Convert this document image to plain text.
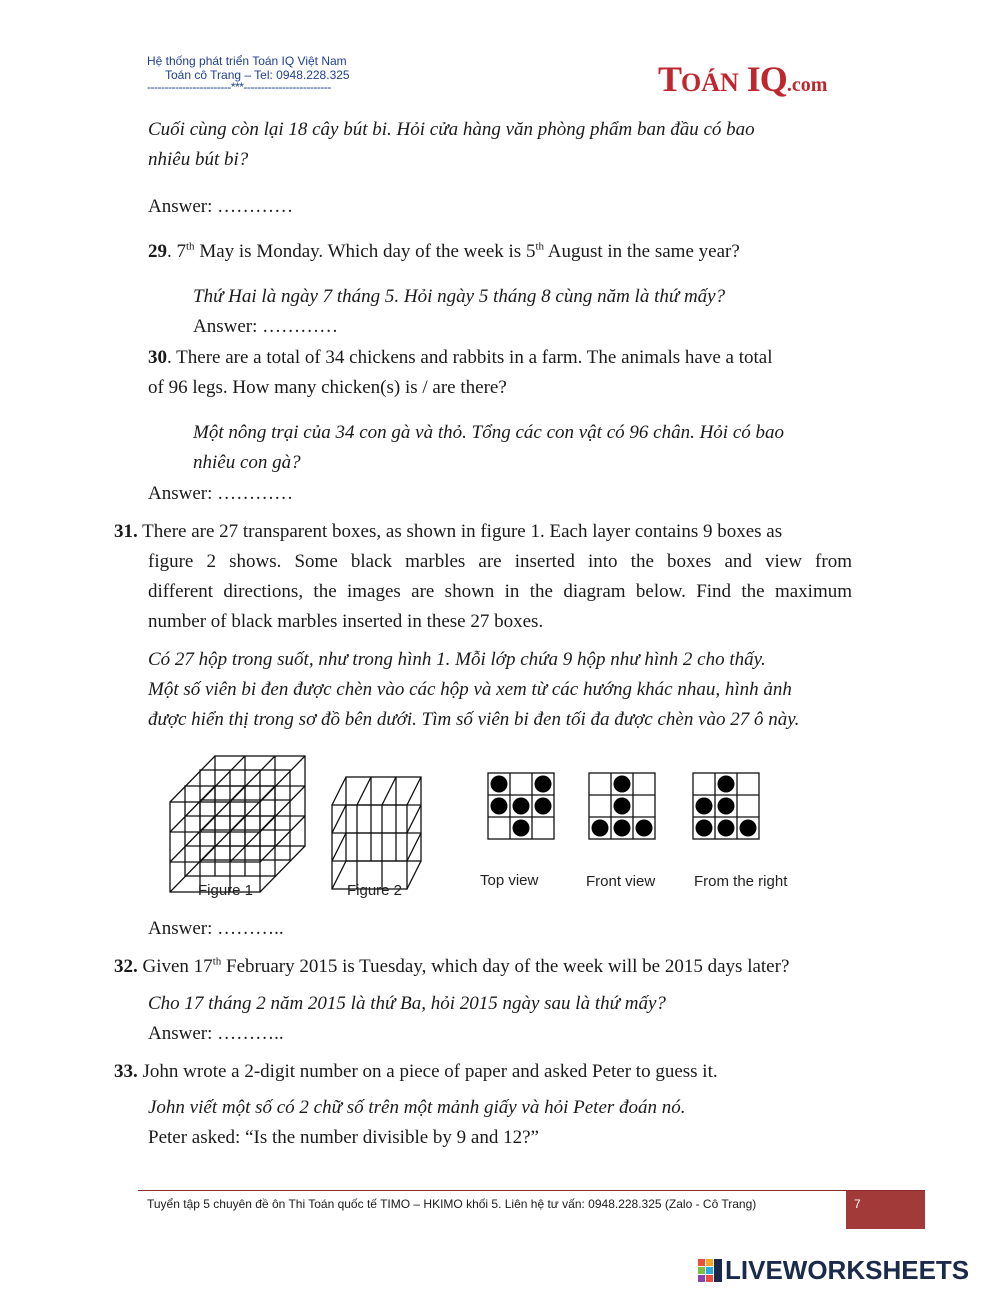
Hệ thống phát triển Toán IQ Việt Nam
Toán cô Trang – Tel: 0948.228.325
------------------------***-------------------------	TOÁN IQ.com
Cuối cùng còn lại 18 cây bút bi. Hỏi cửa hàng văn phòng phẩm ban đầu có bao
nhiêu bút bi?
Answer: …………
29. 7th May is Monday. Which day of the week is 5th August in the same year?
Thứ Hai là ngày 7 tháng 5. Hỏi ngày 5 tháng 8 cùng năm là thứ mấy?
Answer: …………
30. There are a total of 34 chickens and rabbits in a farm. The animals have a total
of 96 legs. How many chicken(s) is / are there?
Một nông trại của 34 con gà và thỏ. Tổng các con vật có 96 chân. Hỏi có bao
nhiêu con gà?
Answer: …………
31. There are 27 transparent boxes, as shown in figure 1. Each layer contains 9 boxes as
figure 2 shows. Some black marbles are inserted into the boxes and view from
different directions, the images are shown in the diagram below. Find the maximum
number of black marbles inserted in these 27 boxes.
Có 27 hộp trong suốt, như trong hình 1. Mỗi lớp chứa 9 hộp như hình 2 cho thấy.
Một số viên bi đen được chèn vào các hộp và xem từ các hướng khác nhau, hình ảnh
được hiển thị trong sơ đồ bên dưới. Tìm số viên bi đen tối đa được chèn vào 27 ô này.
Figure 1	Figure 2
Top view	Front view	From the right
Answer: ………..
32. Given 17th February 2015 is Tuesday, which day of the week will be 2015 days later?
Cho 17 tháng 2 năm 2015 là thứ Ba, hỏi 2015 ngày sau là thứ mấy?
Answer: ………..
33. John wrote a 2-digit number on a piece of paper and asked Peter to guess it.
John viết một số có 2 chữ số trên một mảnh giấy và hỏi Peter đoán nó.
Peter asked: “Is the number divisible by 9 and 12?”
Tuyển tập 5 chuyên đề ôn Thi Toán quốc tế TIMO – HKIMO khối 5. Liên hệ tư vấn: 0948.228.325 (Zalo - Cô Trang)	7
LIVEWORKSHEETS
